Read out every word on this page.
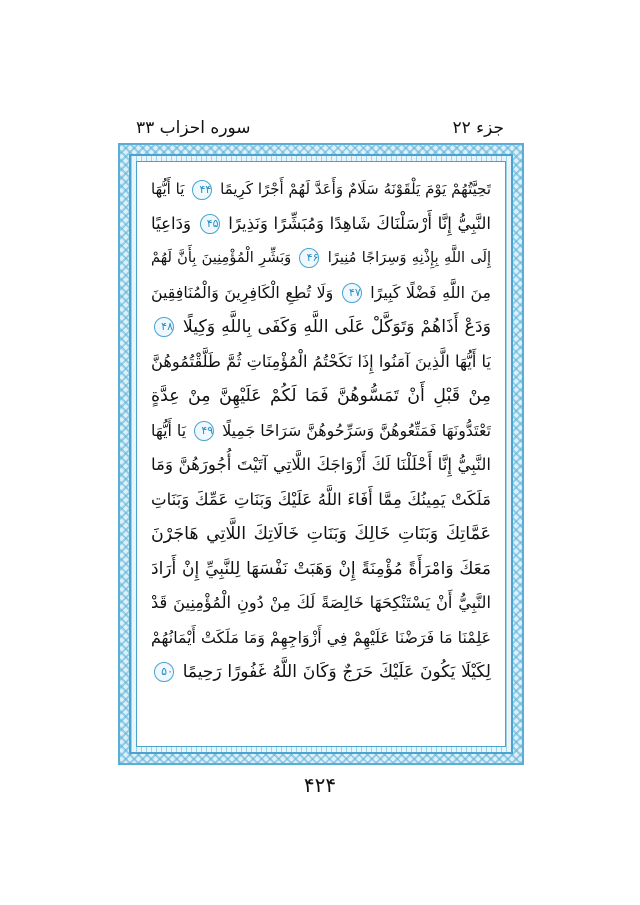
جزء ۲۲
سوره احزاب ۳۳
تَحِيَّتُهُمْ يَوْمَ يَلْقَوْنَهُ سَلَامٌ وَأَعَدَّ لَهُمْ أَجْرًا كَرِيمًا ۴۴ يَا أَيُّهَا
النَّبِيُّ إِنَّا أَرْسَلْنَاكَ شَاهِدًا وَمُبَشِّرًا وَنَذِيرًا ۴۵ وَدَاعِيًا
إِلَى اللَّهِ بِإِذْنِهِ وَسِرَاجًا مُنِيرًا ۴۶ وَبَشِّرِ الْمُؤْمِنِينَ بِأَنَّ لَهُمْ
مِنَ اللَّهِ فَضْلًا كَبِيرًا ۴۷ وَلَا تُطِعِ الْكَافِرِينَ وَالْمُنَافِقِينَ
وَدَعْ أَذَاهُمْ وَتَوَكَّلْ عَلَى اللَّهِ وَكَفَى بِاللَّهِ وَكِيلًا ۴۸
يَا أَيُّهَا الَّذِينَ آمَنُوا إِذَا نَكَحْتُمُ الْمُؤْمِنَاتِ ثُمَّ طَلَّقْتُمُوهُنَّ
مِنْ قَبْلِ أَنْ تَمَسُّوهُنَّ فَمَا لَكُمْ عَلَيْهِنَّ مِنْ عِدَّةٍ
تَعْتَدُّونَهَا فَمَتِّعُوهُنَّ وَسَرِّحُوهُنَّ سَرَاحًا جَمِيلًا ۴۹ يَا أَيُّهَا
النَّبِيُّ إِنَّا أَحْلَلْنَا لَكَ أَزْوَاجَكَ اللَّاتِي آتَيْتَ أُجُورَهُنَّ وَمَا
مَلَكَتْ يَمِينُكَ مِمَّا أَفَاءَ اللَّهُ عَلَيْكَ وَبَنَاتِ عَمِّكَ وَبَنَاتِ
عَمَّاتِكَ وَبَنَاتِ خَالِكَ وَبَنَاتِ خَالَاتِكَ اللَّاتِي هَاجَرْنَ
مَعَكَ وَامْرَأَةً مُؤْمِنَةً إِنْ وَهَبَتْ نَفْسَهَا لِلنَّبِيِّ إِنْ أَرَادَ
النَّبِيُّ أَنْ يَسْتَنْكِحَهَا خَالِصَةً لَكَ مِنْ دُونِ الْمُؤْمِنِينَ قَدْ
عَلِمْنَا مَا فَرَضْنَا عَلَيْهِمْ فِي أَزْوَاجِهِمْ وَمَا مَلَكَتْ أَيْمَانُهُمْ
لِكَيْلَا يَكُونَ عَلَيْكَ حَرَجٌ وَكَانَ اللَّهُ غَفُورًا رَحِيمًا ۵۰
۴۲۴
